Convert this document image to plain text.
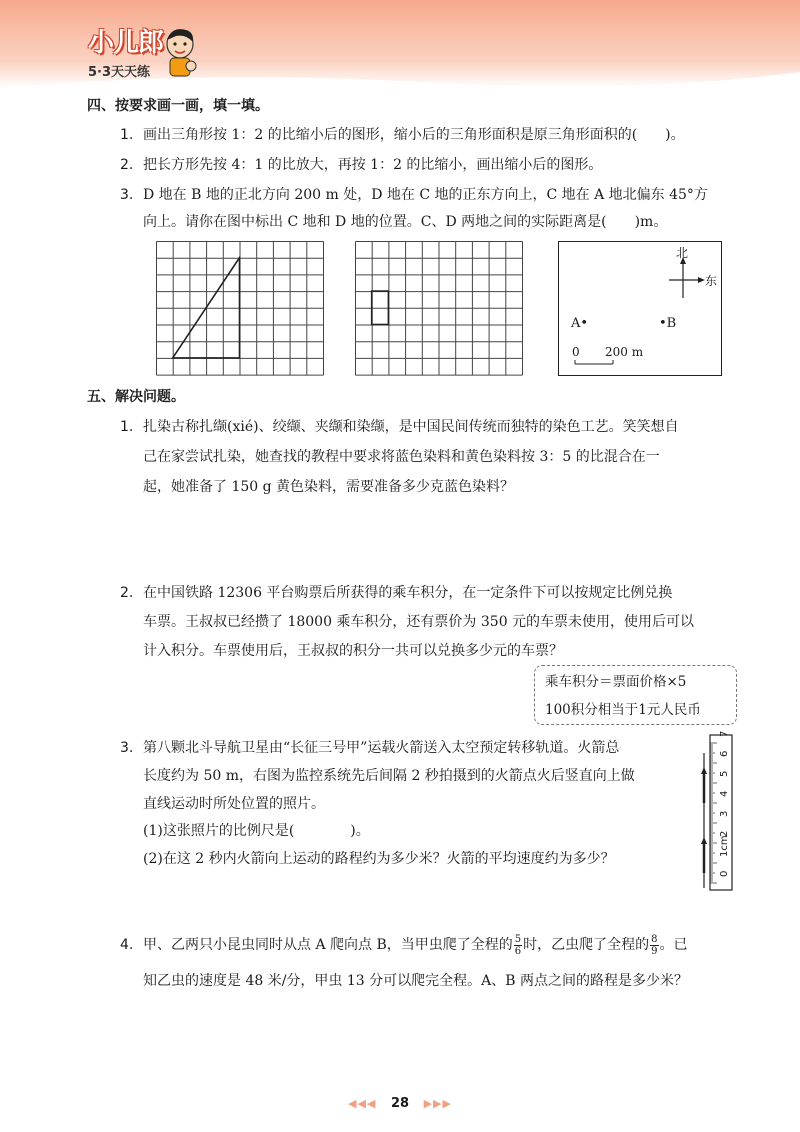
小儿郎
5·3天天练
四、按要求画一画，填一填。
1. 画出三角形按 1：2 的比缩小后的图形，缩小后的三角形面积是原三角形面积的(　　)。
2. 把长方形先按 4：1 的比放大，再按 1：2 的比缩小，画出缩小后的图形。
3. D 地在 B 地的正北方向 200 m 处，D 地在 C 地的正东方向上，C 地在 A 地北偏东 45°方
向上。请你在图中标出 C 地和 D 地的位置。C、D 两地之间的实际距离是(　　)m。
北
东
A•	•B
0 200 m
五、解决问题。
1. 扎染古称扎缬(xié)、绞缬、夹缬和染缬，是中国民间传统而独特的染色工艺。笑笑想自
己在家尝试扎染，她查找的教程中要求将蓝色染料和黄色染料按 3：5 的比混合在一
起，她准备了 150 g 黄色染料，需要准备多少克蓝色染料？
2. 在中国铁路 12306 平台购票后所获得的乘车积分，在一定条件下可以按规定比例兑换
车票。王叔叔已经攒了 18000 乘车积分，还有票价为 350 元的车票未使用，使用后可以
计入积分。车票使用后，王叔叔的积分一共可以兑换多少元的车票？
乘车积分＝票面价格×5
100积分相当于1元人民币
3. 第八颗北斗导航卫星由“长征三号甲”运载火箭送入太空预定转移轨道。火箭总
长度约为 50 m，右图为监控系统先后间隔 2 秒拍摄到的火箭点火后竖直向上做
直线运动时所处位置的照片。
(1)这张照片的比例尺是(　　　　)。
(2)在这 2 秒内火箭向上运动的路程约为多少米？火箭的平均速度约为多少？
0
1cm
2
3
4
5
6
7
4. 甲、乙两只小昆虫同时从点 A 爬向点 B，当甲虫爬了全程的 $\frac{5}{6}$ 时，乙虫爬了全程的 $\frac{8}{9}$ 。已
知乙虫的速度是 48 米/分，甲虫 13 分可以爬完全程。A、B 两点之间的路程是多少米？
◀◀◀ 28 ▶▶▶
